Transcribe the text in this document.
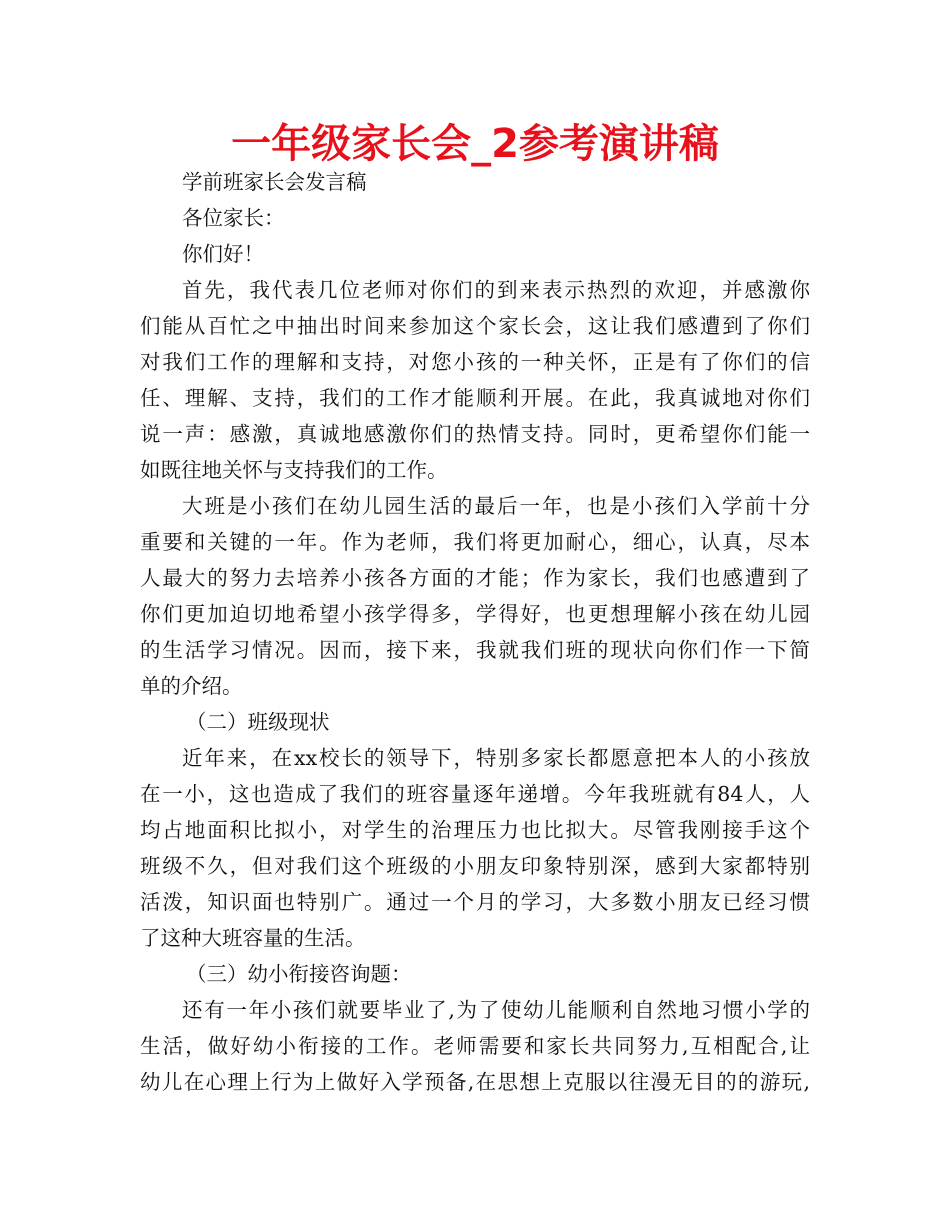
一年级家长会_2参考演讲稿

学前班家长会发言稿

各位家长：

你们好！

首先，我代表几位老师对你们的到来表示热烈的欢迎，并感激你

们能从百忙之中抽出时间来参加这个家长会，这让我们感遭到了你们

对我们工作的理解和支持，对您小孩的一种关怀，正是有了你们的信

任、理解、支持，我们的工作才能顺利开展。在此，我真诚地对你们

说一声：感激，真诚地感激你们的热情支持。同时，更希望你们能一

如既往地关怀与支持我们的工作。

大班是小孩们在幼儿园生活的最后一年，也是小孩们入学前十分

重要和关键的一年。作为老师，我们将更加耐心，细心，认真，尽本

人最大的努力去培养小孩各方面的才能；作为家长，我们也感遭到了

你们更加迫切地希望小孩学得多，学得好，也更想理解小孩在幼儿园

的生活学习情况。因而，接下来，我就我们班的现状向你们作一下简

单的介绍。

（二）班级现状

近年来，在xx校长的领导下，特别多家长都愿意把本人的小孩放

在一小，这也造成了我们的班容量逐年递增。今年我班就有84人，人

均占地面积比拟小，对学生的治理压力也比拟大。尽管我刚接手这个

班级不久，但对我们这个班级的小朋友印象特别深，感到大家都特别

活泼，知识面也特别广。通过一个月的学习，大多数小朋友已经习惯

了这种大班容量的生活。

（三）幼小衔接咨询题：

还有一年小孩们就要毕业了,为了使幼儿能顺利自然地习惯小学的

生活，做好幼小衔接的工作。老师需要和家长共同努力,互相配合,让

幼儿在心理上行为上做好入学预备,在思想上克服以往漫无目的的游玩,
